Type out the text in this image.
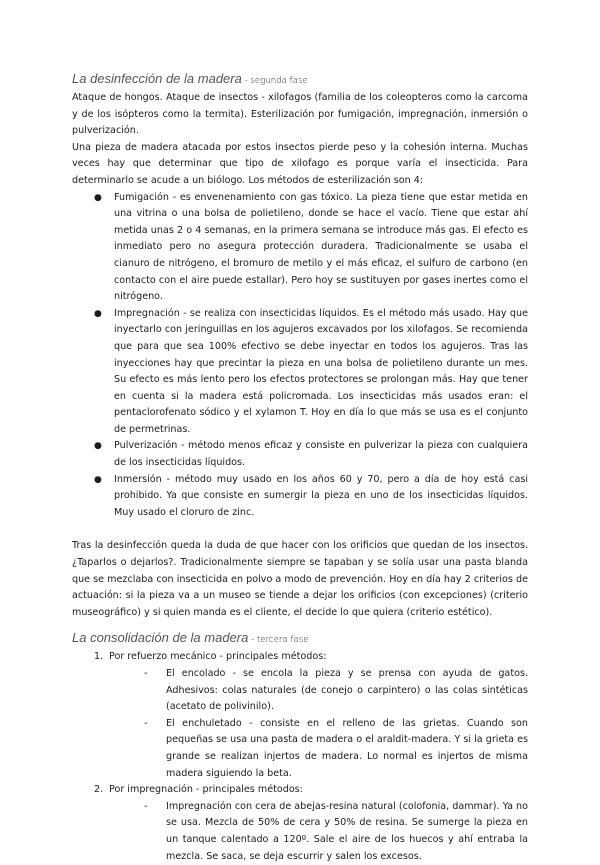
La desinfección de la madera - segunda fase

Ataque de hongos. Ataque de insectos - xilofagos (familia de los coleopteros como la carcoma y de los isópteros como la termita). Esterilización por fumigación, impregnación, inmersión o pulverización.

Una pieza de madera atacada por estos insectos pierde peso y la cohesión interna. Muchas veces hay que determinar que tipo de xilofago es porque varía el insecticida. Para determinarlo se acude a un biólogo. Los métodos de esterilización son 4:

● Fumigación - es envenenamiento con gas tóxico. La pieza tiene que estar metida en una vitrina o una bolsa de polietileno, donde se hace el vacío. Tiene que estar ahí metida unas 2 o 4 semanas, en la primera semana se introduce más gas. El efecto es inmediato pero no asegura protección duradera. Tradicionalmente se usaba el cianuro de nitrógeno, el bromuro de metilo y el más eficaz, el sulfuro de carbono (en contacto con el aire puede estallar). Pero hoy se sustituyen por gases inertes como el nitrógeno.
● Impregnación - se realiza con insecticidas líquidos. Es el método más usado. Hay que inyectarlo con jeringuillas en los agujeros excavados por los xilofagos. Se recomienda que para que sea 100% efectivo se debe inyectar en todos los agujeros. Tras las inyecciones hay que precintar la pieza en una bolsa de polietileno durante un mes. Su efecto es más lento pero los efectos protectores se prolongan más. Hay que tener en cuenta si la madera está policromada. Los insecticidas más usados eran: el pentaclorofenato sódico y el xylamon T. Hoy en día lo que más se usa es el conjunto de permetrinas.
● Pulverización - método menos eficaz y consiste en pulverizar la pieza con cualquiera de los insecticidas líquidos.
● Inmersión - método muy usado en los años 60 y 70, pero a día de hoy está casi prohibido. Ya que consiste en sumergir la pieza en uno de los insecticidas líquidos. Muy usado el cloruro de zinc.

Tras la desinfección queda la duda de que hacer con los orificios que quedan de los insectos. ¿Taparlos o dejarlos?. Tradicionalmente siempre se tapaban y se solía usar una pasta blanda que se mezclaba con insecticida en polvo a modo de prevención. Hoy en día hay 2 criterios de actuación: si la pieza va a un museo se tiende a dejar los orificios (con excepciones) (criterio museográfico) y si quien manda es el cliente, el decide lo que quiera (criterio estético).

La consolidación de la madera - tercera fase
1. Por refuerzo mecánico - principales métodos:
- El encolado - se encola la pieza y se prensa con ayuda de gatos. Adhesivos: colas naturales (de conejo o carpintero) o las colas sintéticas (acetato de polivinilo).
- El enchuletado - consiste en el relleno de las grietas. Cuando son pequeñas se usa una pasta de madera o el araldit-madera. Y si la grieta es grande se realizan injertos de madera. Lo normal es injertos de misma madera siguiendo la beta.
2. Por impregnación - principales métodos:
- Impregnación con cera de abejas-resina natural (colofonia, dammar). Ya no se usa. Mezcla de 50% de cera y 50% de resina. Se sumerge la pieza en un tanque calentado a 120º. Sale el aire de los huecos y ahí entraba la mezcla. Se saca, se deja escurrir y salen los excesos.
